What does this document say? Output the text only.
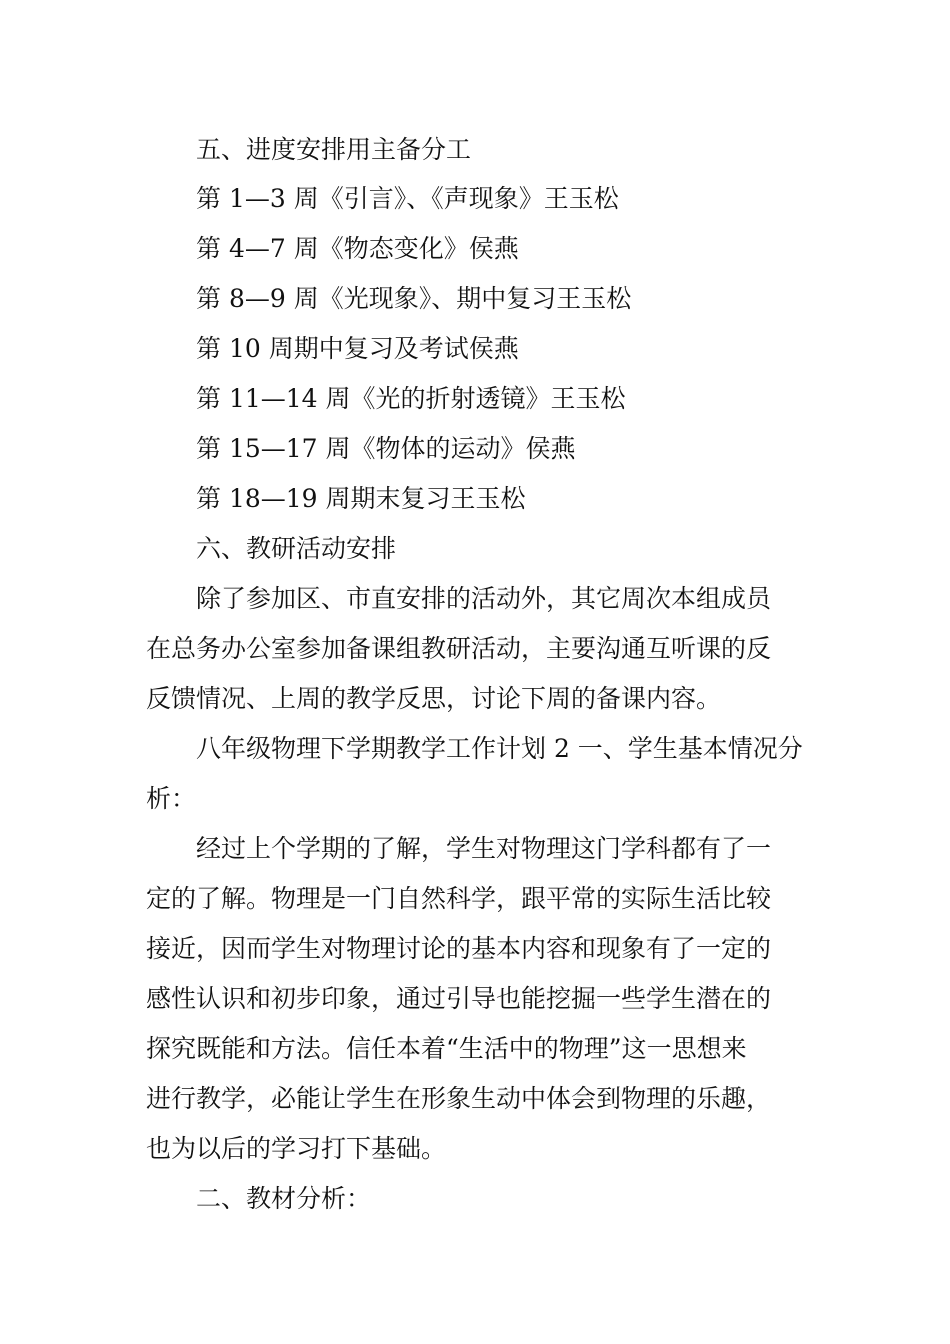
五、进度安排用主备分工
第 1—3 周《引言》、《声现象》王玉松
第 4—7 周《物态变化》侯燕
第 8—9 周《光现象》、期中复习王玉松
第 10 周期中复习及考试侯燕
第 11—14 周《光的折射透镜》王玉松
第 15—17 周《物体的运动》侯燕
第 18—19 周期末复习王玉松
六、教研活动安排
除了参加区、市直安排的活动外，其它周次本组成员
在总务办公室参加备课组教研活动，主要沟通互听课的反
反馈情况、上周的教学反思，讨论下周的备课内容。
八年级物理下学期教学工作计划 2 一、学生基本情况分
析：
经过上个学期的了解，学生对物理这门学科都有了一
定的了解。物理是一门自然科学，跟平常的实际生活比较
接近，因而学生对物理讨论的基本内容和现象有了一定的
感性认识和初步印象，通过引导也能挖掘一些学生潜在的
探究既能和方法。信任本着“生活中的物理”这一思想来
进行教学，必能让学生在形象生动中体会到物理的乐趣，
也为以后的学习打下基础。
二、教材分析：
